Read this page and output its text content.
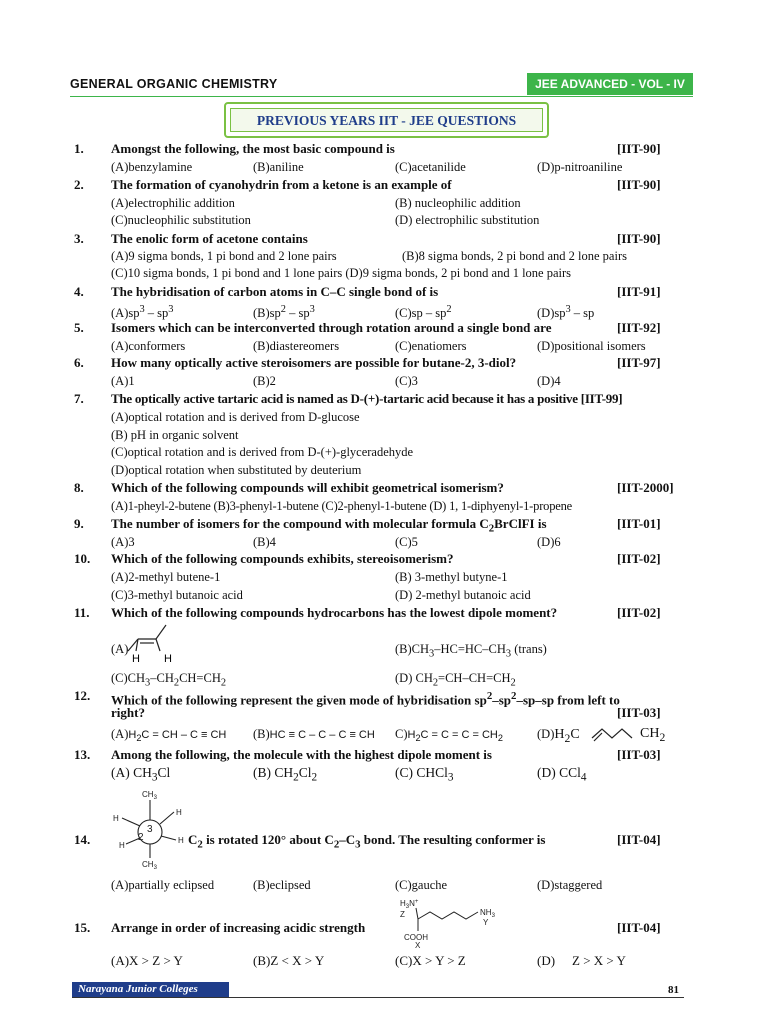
GENERAL ORGANIC CHEMISTRY	JEE ADVANCED - VOL - IV
PREVIOUS YEARS IIT - JEE QUESTIONS
1. Amongst the following, the most basic compound is	[IIT-90]
(A)benzylamine	(B)aniline	(C)acetanilide	(D)p-nitroaniline
2. The formation of cyanohydrin from a ketone is an example of	[IIT-90]
(A)electrophilic addition	(B) nucleophilic addition
(C)nucleophilic substitution	(D) electrophilic substitution
3. The enolic form of acetone contains	[IIT-90]
(A)9 sigma bonds, 1 pi bond and 2 lone pairs	(B)8 sigma bonds, 2 pi bond and 2 lone pairs
(C)10 sigma bonds, 1 pi bond and 1 lone pairs (D)9 sigma bonds, 2 pi bond and 1 lone pairs
4. The hybridisation of carbon atoms in C–C single bond of is	[IIT-91]
$(A)sp^3 - sp^3$	$(B)sp^2 - sp^3$	$(C)sp - sp^2$	$(D)sp^3$ – sp
5. Isomers which can be interconverted through rotation around a single bond are	[IIT-92]
(A)conformers	(B)diastereomers	(C)enatiomers	(D)positional isomers
6. How many optically active steroisomers are possible for butane-2, 3-diol?	[IIT-97]
(A)1	(B)2	(C)3	(D)4
7. The optically active tartaric acid is named as D-(+)-tartaric acid because it has a positive [IIT-99]
(A)optical rotation and is derived from D-glucose
(B) pH in organic solvent
(C)optical rotation and is derived from D-(+)-glyceradehyde
(D)optical rotation when substituted by deuterium
8. Which of the following compounds will exhibit geometrical isomerism?	[IIT-2000]
(A)1-pheyl-2-butene (B)3-phenyl-1-butene (C)2-phenyl-1-butene (D) 1, 1-diphyenyl-1-propene
9. The number of isomers for the compound with molecular formula $C_2BrClFI$ is	[IIT-01]
(A)3	(B)4	(C)5	(D)6
10. Which of the following compounds exhibits, stereoisomerism?	[IIT-02]
(A)2-methyl butene-1	(B) 3-methyl butyne-1
(C)3-methyl butanoic acid	(D) 2-methyl butanoic acid
11. Which of the following compounds hydrocarbons has the lowest dipole moment?	[IIT-02]
(A)
H H
$(B)CH_3-HC=HC-CH_3$ (trans)
$(C)CH_3-CH_2CH=CH_2$	(D) $CH_2=CH-CH=CH_2$
12. Which of the following represent the given mode of hybridisation $sp^2-sp^2-sp-sp$ from left to
right?	[IIT-03]
$(A)H_2C$ = CH – C ≡ CH (B)HC ≡ C – C – C ≡ CH $C)H_2C = C = C = CH_2$	$(D)H_2C$	$CH_2$
13. Among the following, the molecule with the highest dipole moment is	[IIT-03]
(A) $CH_3Cl$	(B) $CH_2Cl_2$	(C) CHCl$_3$	(D) CCl$_4$
$CH_3$
H
H
H
H
2
3
$CH_3$
14.	$C_2$ is rotated 120° about $C_2-C_3$ bond. The resulting conformer is	[IIT-04]
(A)partially eclipsed	(B)eclipsed	(C)gauche	(D)staggered
$H_3N^+$
Z
COOH
X
$NH_3$
Y
15. Arrange in order of increasing acidic strength	[IIT-04]
(A)X > Z > Y	(B)Z < X > Y	(C)X > Y > Z	(D) Z > X > Y
Narayana Junior Colleges	81
